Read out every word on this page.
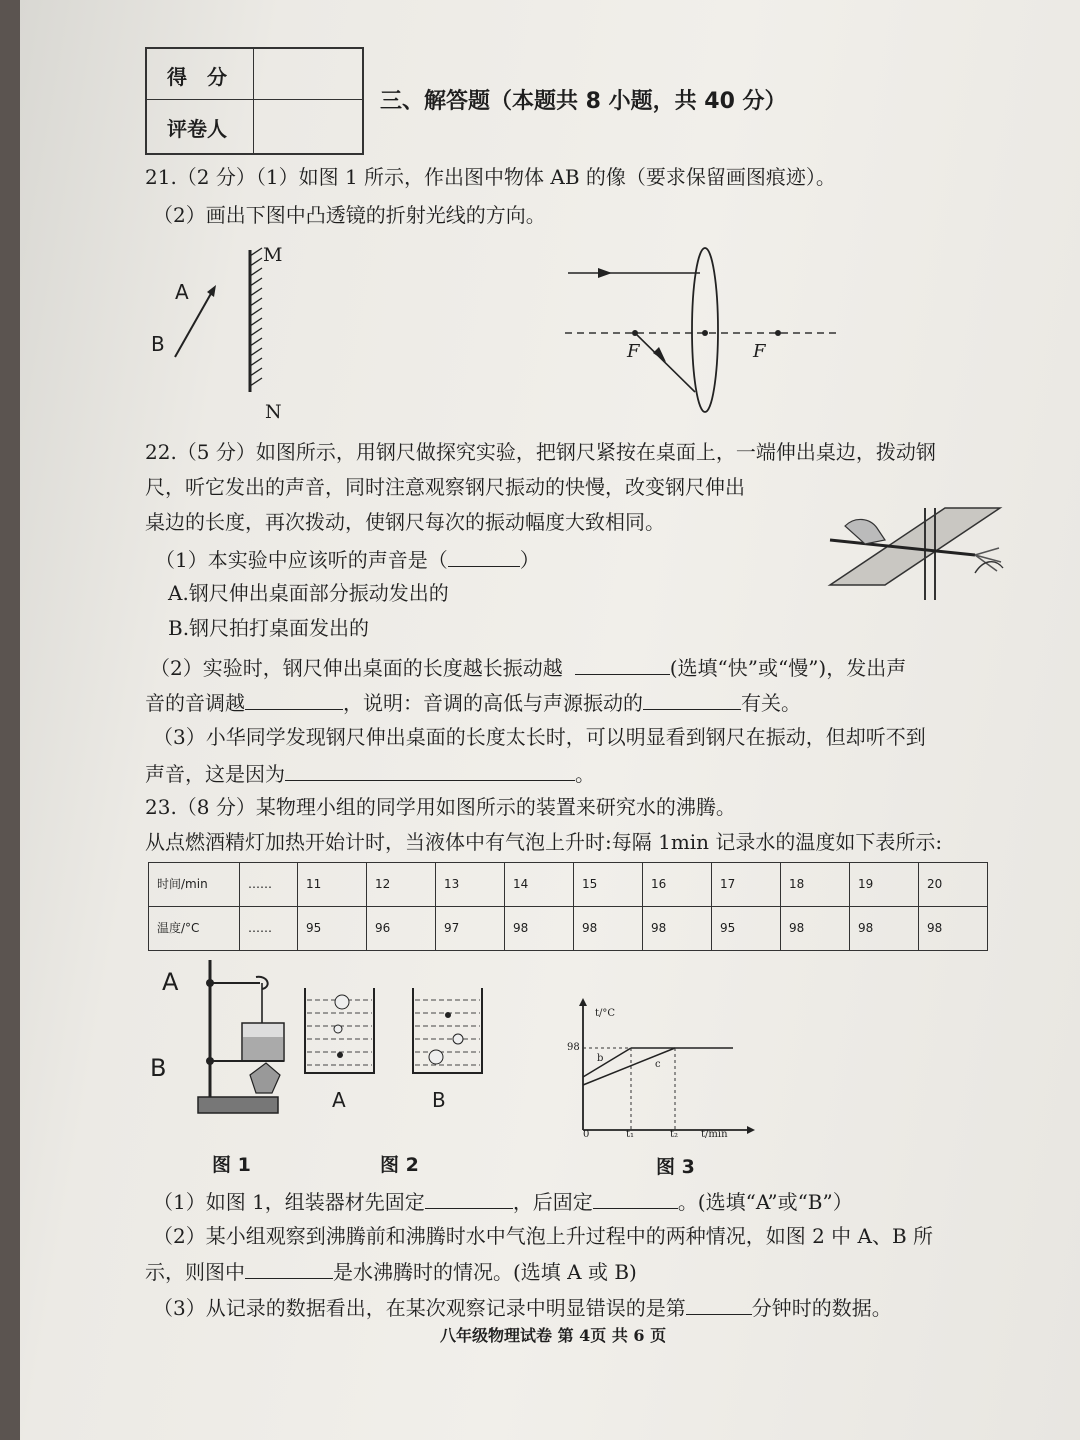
得　分
评卷人
三、解答题（本题共 8 小题，共 40 分）
21.（2 分）（1）如图 1 所示，作出图中物体 AB 的像（要求保留画图痕迹）。
（2）画出下图中凸透镜的折射光线的方向。
A
B
M
N
F	F
22.（5 分）如图所示，用钢尺做探究实验，把钢尺紧按在桌面上，一端伸出桌边，拨动钢
尺，听它发出的声音，同时注意观察钢尺振动的快慢，改变钢尺伸出
桌边的长度，再次拨动，使钢尺每次的振动幅度大致相同。
（1）本实验中应该听的声音是（	）
A.钢尺伸出桌面部分振动发出的
B.钢尺拍打桌面发出的
（2）实验时，钢尺伸出桌面的长度越长振动越	(选填“快”或“慢”)，发出声
音的音调越	，说明：音调的高低与声源振动的	有关。
（3）小华同学发现钢尺伸出桌面的长度太长时，可以明显看到钢尺在振动，但却听不到
声音，这是因为	。
23.（8 分）某物理小组的同学用如图所示的装置来研究水的沸腾。
从点燃酒精灯加热开始计时，当液体中有气泡上升时:每隔 1min 记录水的温度如下表所示:
时间/min	……	11	12	13	14	15	16	17	18	19	20
温度/°C	……	95	96	97	98	98	98	95	98	98	98
A
B
图 1
A	B
图 2
t/°C
98
0	t₁	t₂ t/min
b
c
图 3
（1）如图 1，组装器材先固定	，后固定	。(选填“A”或“B”）
（2）某小组观察到沸腾前和沸腾时水中气泡上升过程中的两种情况，如图 2 中 A、B 所
示，则图中	是水沸腾时的情况。(选填 A 或 B)
（3）从记录的数据看出，在某次观察记录中明显错误的是第	分钟时的数据。
八年级物理试卷 第 4页 共 6 页
